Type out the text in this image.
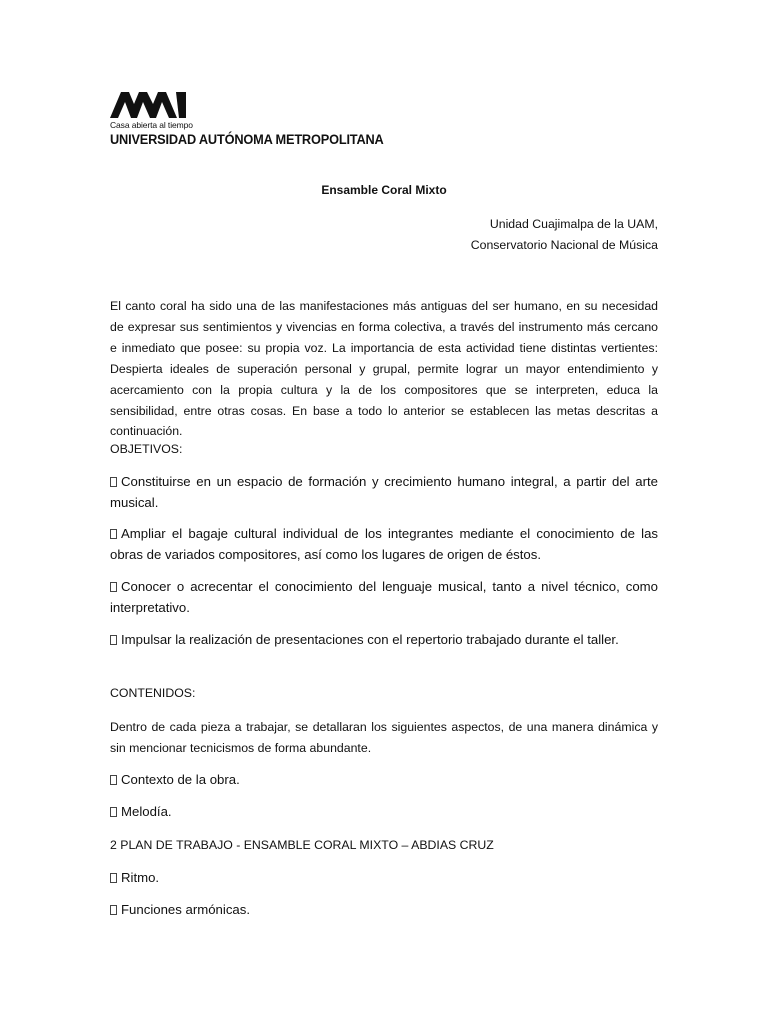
Casa abierta al tiempo
UNIVERSIDAD AUTÓNOMA METROPOLITANA
Ensamble Coral Mixto
Unidad Cuajimalpa de la UAM,
Conservatorio Nacional de Música

El canto coral ha sido una de las manifestaciones más antiguas del ser humano, en su necesidad de expresar sus sentimientos y vivencias en forma colectiva, a través del instrumento más cercano e inmediato que posee: su propia voz. La importancia de esta actividad tiene distintas vertientes: Despierta ideales de superación personal y grupal, permite lograr un mayor entendimiento y acercamiento con la propia cultura y la de los compositores que se interpreten, educa la sensibilidad, entre otras cosas. En base a todo lo anterior se establecen las metas descritas a continuación.

OBJETIVOS:

Constituirse en un espacio de formación y crecimiento humano integral, a partir del arte musical.

Ampliar el bagaje cultural individual de los integrantes mediante el conocimiento de las obras de variados compositores, así como los lugares de origen de éstos.

Conocer o acrecentar el conocimiento del lenguaje musical, tanto a nivel técnico, como interpretativo.

Impulsar la realización de presentaciones con el repertorio trabajado durante el taller.

CONTENIDOS:

Dentro de cada pieza a trabajar, se detallaran los siguientes aspectos, de una manera dinámica y sin mencionar tecnicismos de forma abundante.

Contexto de la obra.
Melodía.
2 PLAN DE TRABAJO - ENSAMBLE CORAL MIXTO – ABDIAS CRUZ
Ritmo.
Funciones armónicas.
